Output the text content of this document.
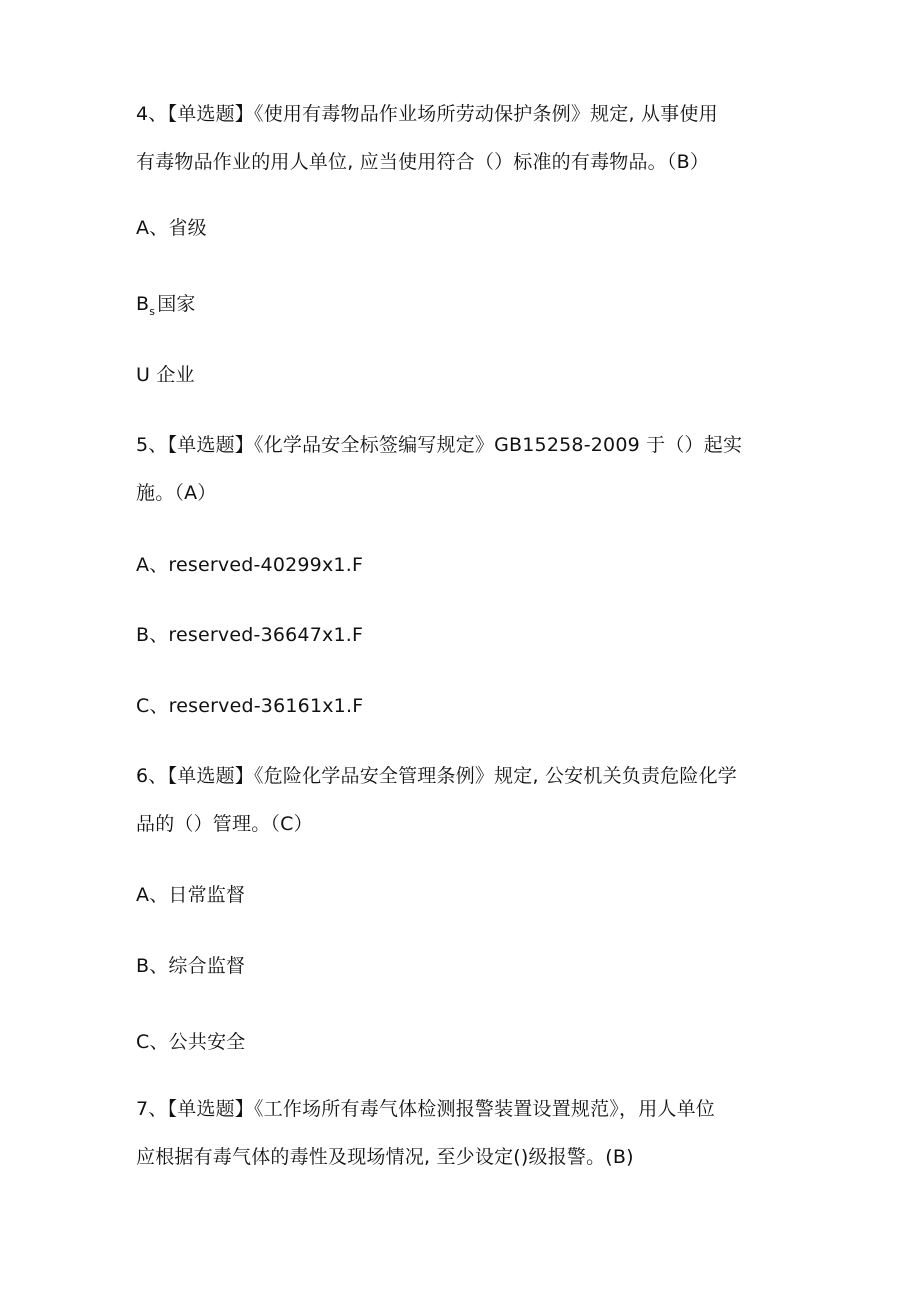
4、【单选题】《使用有毒物品作业场所劳动保护条例》规定, 从事使用
有毒物品作业的用人单位, 应当使用符合（）标准的有毒物品。（B）
A、省级
$B_s$ 国家
U 企业
5、【单选题】《化学品安全标签编写规定》GB15258-2009 于（）起实
施。（A）
A、reserved-40299x1.F
B、reserved-36647x1.F
C、reserved-36161x1.F
6、【单选题】《危险化学品安全管理条例》规定, 公安机关负责危险化学
品的（）管理。（C）
A、日常监督
B、综合监督
C、公共安全
7、【单选题】《工作场所有毒气体检测报警装置设置规范》，用人单位
应根据有毒气体的毒性及现场情况, 至少设定()级报警。(B)
